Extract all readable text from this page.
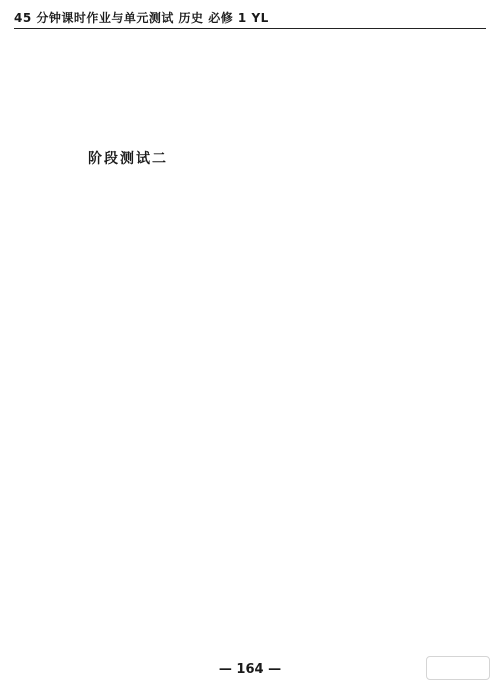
45 分钟课时作业与单元测试 历史 必修 1 YL
阶段测试二
— 164 —
